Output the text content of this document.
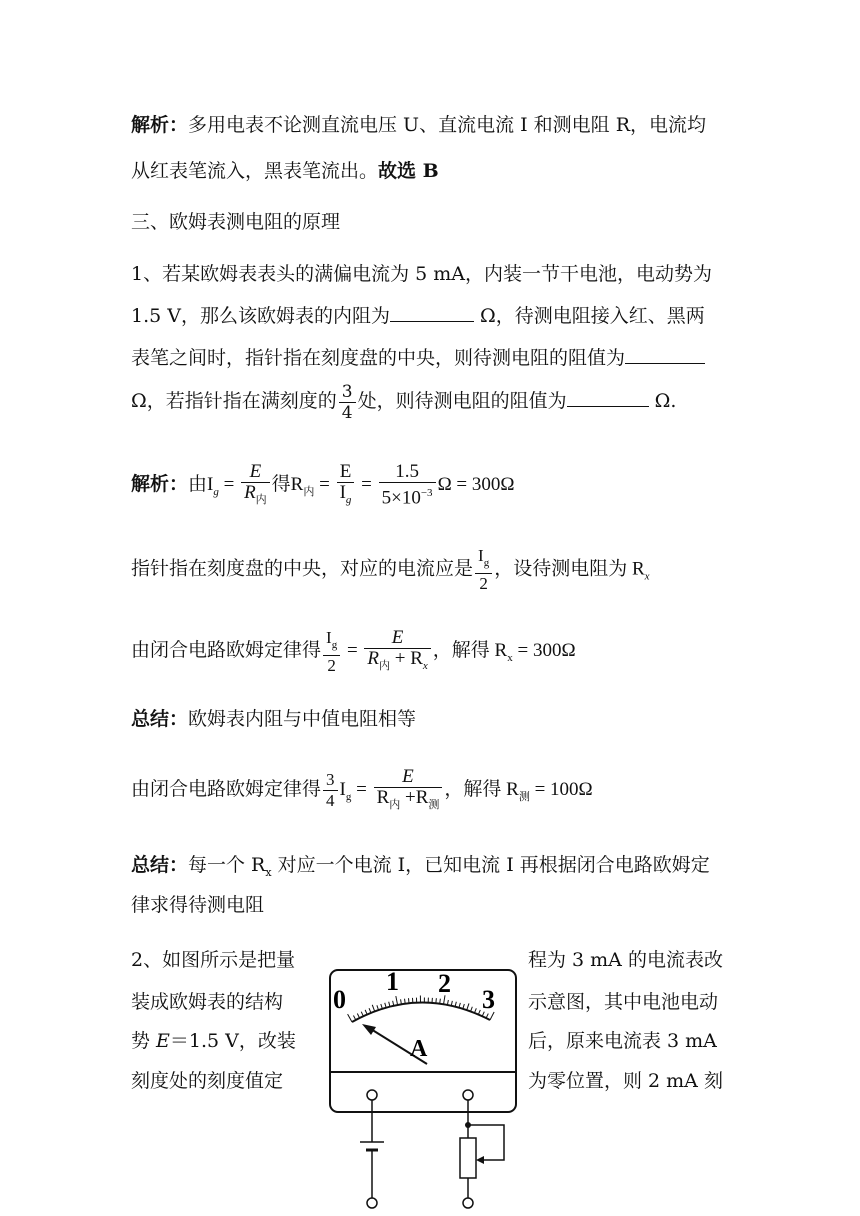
解析：多用电表不论测直流电压 U、直流电流 I 和测电阻 R，电流均
从红表笔流入，黑表笔流出。故选 B
三、欧姆表测电阻的原理
1、若某欧姆表表头的满偏电流为 5 mA，内装一节干电池，电动势为
1.5 V，那么该欧姆表的内阻为	Ω，待测电阻接入红、黑两
表笔之间时，指针指在刻度盘的中央，则待测电阻的阻值为
Ω，若指针指在满刻度的 $\frac{3}{4}$ 处，则待测电阻的阻值为	Ω.
解析：由$I_g = \frac{E}{R_内}$ 得$R_内 = \frac{E}{I_g} = \frac{1.5}{5\times 10^{-3}}$ Ω = 300Ω
指针指在刻度盘的中央，对应的电流应是 $\frac{I_g}{2}$ ，设待测电阻为 $R_x$
由闭合电路欧姆定律得 $\frac{I_g}{2} = \frac{E}{R_内 + R_x}$ ，解得 $R_x = 300\Omega$
总结：欧姆表内阻与中值电阻相等
由闭合电路欧姆定律得 $\frac{3}{4} I_g = \frac{E}{R_内 +R_测}$ ，解得 $R_测 = 100\Omega$
总结：每一个 $R_x$ 对应一个电流 I，已知电流 I 再根据闭合电路欧姆定
律求得待测电阻
2、如图所示是把量	程为 3 mA 的电流表改
装成欧姆表的结构	示意图，其中电池电动
势 E＝1.5 V，改装	后，原来电流表 3 mA
刻度处的刻度值定	为零位置，则 2 mA 刻
0
1 2
3
A
